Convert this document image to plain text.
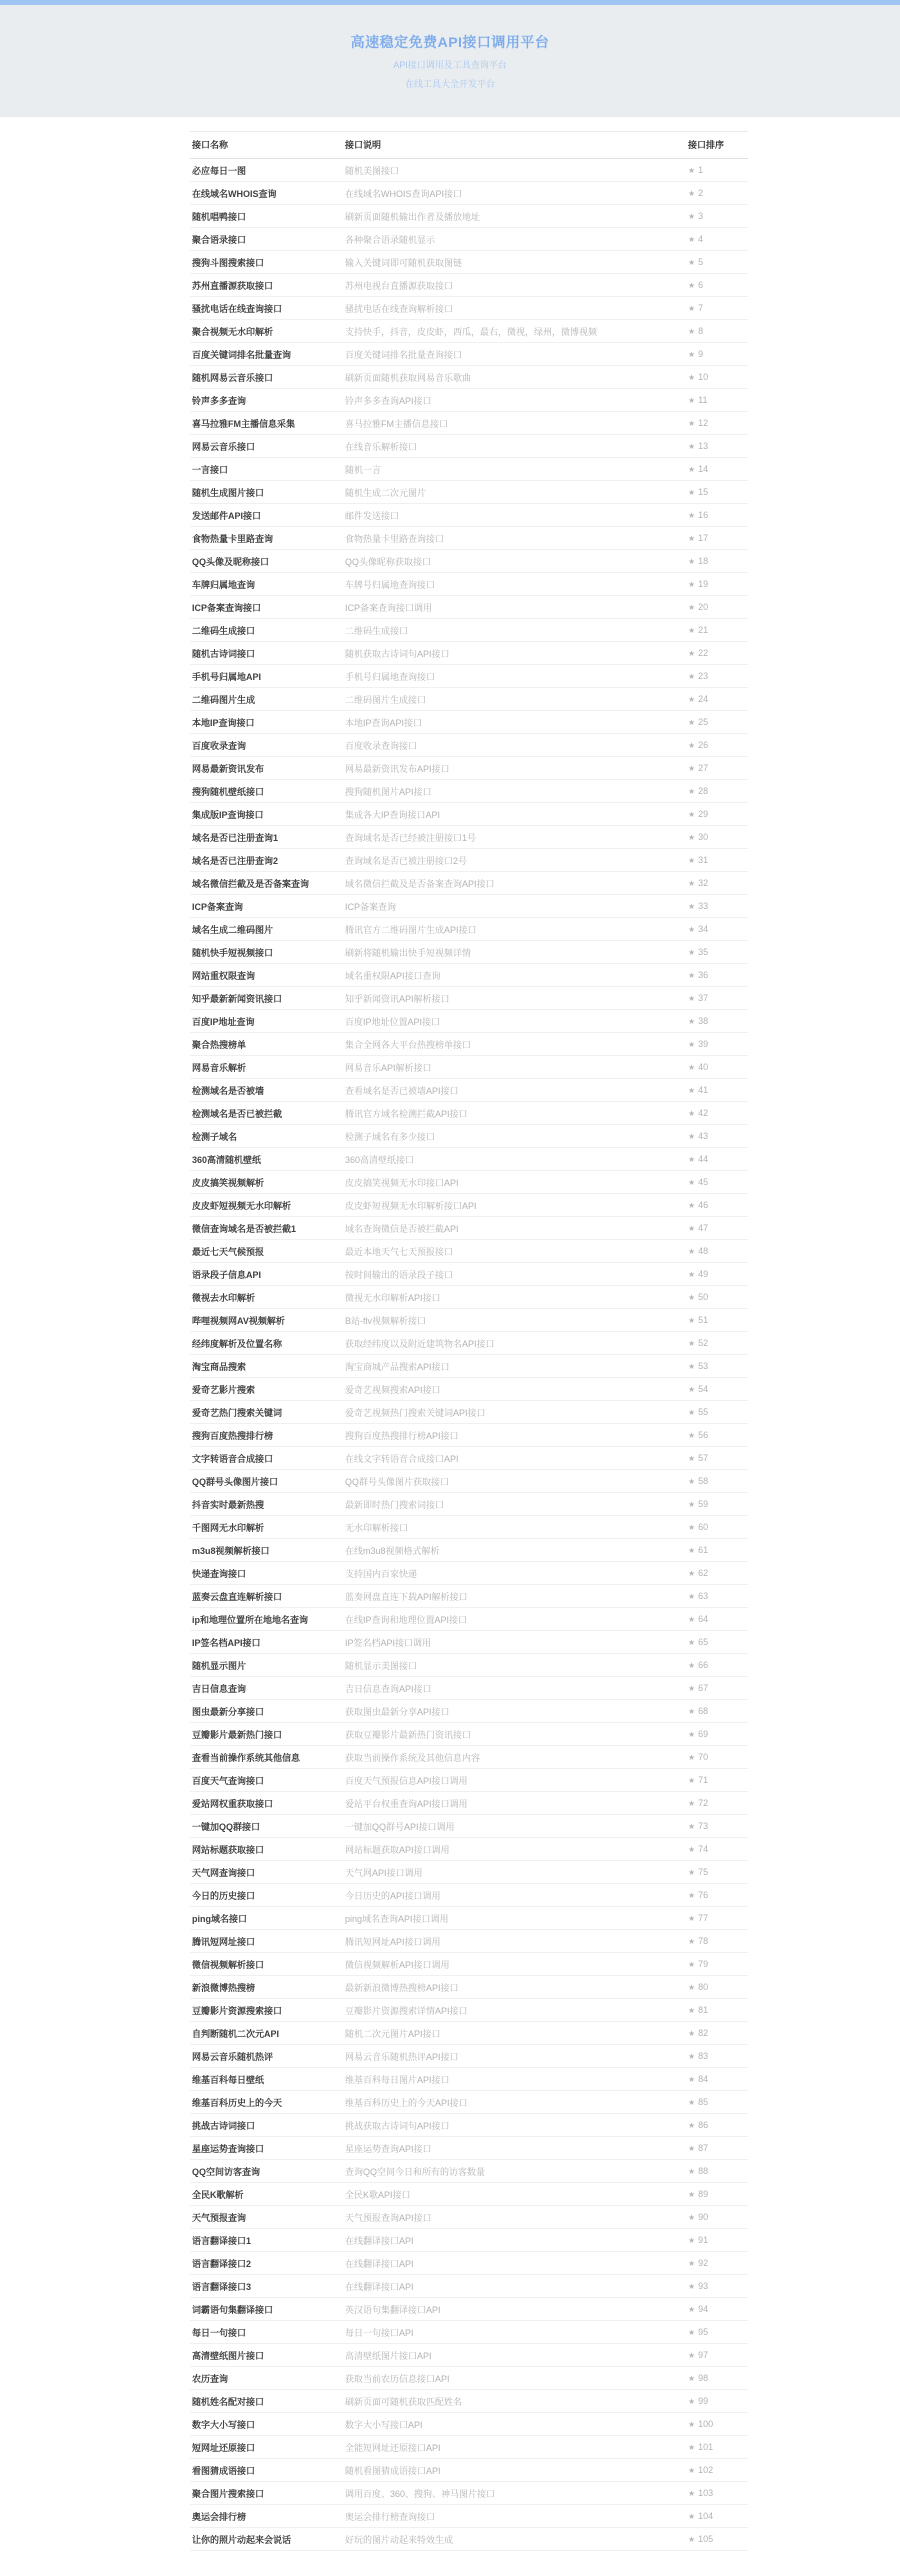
高速稳定免费API接口调用平台

API接口调用及工具查询平台

在线工具大全开发平台

接口名称	接口说明	接口排序
必应每日一图	随机美图接口	★ 1
在线域名WHOIS查询	在线域名WHOIS查询API接口	★ 2
随机唱鸭接口	刷新页面随机输出作者及播放地址	★ 3
聚合语录接口	各种聚合语录随机显示	★ 4
搜狗斗图搜索接口	输入关键词即可随机获取图链	★ 5
苏州直播源获取接口	苏州电视台直播源获取接口	★ 6
骚扰电话在线查询接口	骚扰电话在线查询解析接口	★ 7
聚合视频无水印解析	支持快手，抖音，皮皮虾，西瓜，最右，微视，绿州，微博视频	★ 8
百度关键词排名批量查询	百度关键词排名批量查询接口	★ 9
随机网易云音乐接口	刷新页面随机获取网易音乐歌曲	★ 10
铃声多多查询	铃声多多查询API接口	★ 11
喜马拉雅FM主播信息采集	喜马拉雅FM主播信息接口	★ 12
网易云音乐接口	在线音乐解析接口	★ 13
一言接口	随机一言	★ 14
随机生成图片接口	随机生成二次元图片	★ 15
发送邮件API接口	邮件发送接口	★ 16
食物热量卡里路查询	食物热量卡里路查询接口	★ 17
QQ头像及昵称接口	QQ头像昵称获取接口	★ 18
车牌归属地查询	车牌号归属地查询接口	★ 19
ICP备案查询接口	ICP备案查询接口调用	★ 20
二维码生成接口	二维码生成接口	★ 21
随机古诗词接口	随机获取古诗词句API接口	★ 22
手机号归属地API	手机号归属地查询接口	★ 23
二维码图片生成	二维码图片生成接口	★ 24
本地IP查询接口	本地IP查询API接口	★ 25
百度收录查询	百度收录查询接口	★ 26
网易最新资讯发布	网易最新资讯发布API接口	★ 27
搜狗随机壁纸接口	搜狗随机图片API接口	★ 28
集成版IP查询接口	集成各大IP查询接口API	★ 29
域名是否已注册查询1	查询域名是否已经被注册接口1号	★ 30
域名是否已注册查询2	查询域名是否已被注册接口2号	★ 31
域名微信拦截及是否备案查询	域名微信拦截及是否备案查询API接口	★ 32
ICP备案查询	ICP备案查询	★ 33
域名生成二维码图片	腾讯官方二维码图片生成API接口	★ 34
随机快手短视频接口	刷新将随机输出快手短视频详情	★ 35
网站重权限查询	域名重权限API接口查询	★ 36
知乎最新新闻资讯接口	知乎新闻资讯API解析接口	★ 37
百度IP地址查询	百度IP地址位置API接口	★ 38
聚合热搜榜单	集合全网各大平台热搜榜单接口	★ 39
网易音乐解析	网易音乐API解析接口	★ 40
检测域名是否被墙	查看域名是否已被墙API接口	★ 41
检测域名是否已被拦截	腾讯官方域名检测拦截API接口	★ 42
检测子域名	检测子域名有多少接口	★ 43
360高清随机壁纸	360高清壁纸接口	★ 44
皮皮搞笑视频解析	皮皮搞笑视频无水印接口API	★ 45
皮皮虾短视频无水印解析	皮皮虾短视频无水印解析接口API	★ 46
微信查询域名是否被拦截1	域名查询微信是否被拦截API	★ 47
最近七天气候预报	最近本地天气七天预报接口	★ 48
语录段子信息API	按时间输出的语录段子接口	★ 49
微视去水印解析	微视无水印解析API接口	★ 50
哔哩视频网AV视频解析	B站-flv视频解析接口	★ 51
经纬度解析及位置名称	获取经纬度以及附近建筑物名API接口	★ 52
淘宝商品搜索	淘宝商城产品搜索API接口	★ 53
爱奇艺影片搜索	爱奇艺视频搜索API接口	★ 54
爱奇艺热门搜索关键词	爱奇艺视频热门搜索关键词API接口	★ 55
搜狗百度热搜排行榜	搜狗百度热搜排行榜API接口	★ 56
文字转语音合成接口	在线文字转语音合成接口API	★ 57
QQ群号头像图片接口	QQ群号头像图片获取接口	★ 58
抖音实时最新热搜	最新即时热门搜索词接口	★ 59
千图网无水印解析	无水印解析接口	★ 60
m3u8视频解析接口	在线m3u8视频格式解析	★ 61
快递查询接口	支持国内百家快递	★ 62
蓝奏云盘直连解析接口	蓝奏网盘直连下载API解析接口	★ 63
ip和地理位置所在地地名查询	在线IP查询和地理位置API接口	★ 64
IP签名档API接口	IP签名档API接口调用	★ 65
随机显示图片	随机显示美图接口	★ 66
吉日信息查询	吉日信息查询API接口	★ 67
图虫最新分享接口	获取图虫最新分享API接口	★ 68
豆瓣影片最新热门接口	获取豆瓣影片最新热门资讯接口	★ 69
查看当前操作系统其他信息	获取当前操作系统及其他信息内容	★ 70
百度天气查询接口	百度天气预报信息API接口调用	★ 71
爱站网权重获取接口	爱站平台权重查询API接口调用	★ 72
一键加QQ群接口	一键加QQ群号API接口调用	★ 73
网站标题获取接口	网站标题获取API接口调用	★ 74
天气网查询接口	天气网API接口调用	★ 75
今日的历史接口	今日历史的API接口调用	★ 76
ping域名接口	ping域名查询API接口调用	★ 77
腾讯短网址接口	腾讯短网址API接口调用	★ 78
微信视频解析接口	微信视频解析API接口调用	★ 79
新浪微博热搜榜	最新新浪微博热搜榜API接口	★ 80
豆瓣影片资源搜索接口	豆瓣影片资源搜索详情API接口	★ 81
自判断随机二次元API	随机二次元图片API接口	★ 82
网易云音乐随机热评	网易云音乐随机热评API接口	★ 83
维基百科每日壁纸	维基百科每日图片API接口	★ 84
维基百科历史上的今天	维基百科历史上的今天API接口	★ 85
挑战古诗词接口	挑战获取古诗词句API接口	★ 86
星座运势查询接口	星座运势查询API接口	★ 87
QQ空间访客查询	查询QQ空间今日和所有的访客数量	★ 88
全民K歌解析	全民K歌API接口	★ 89
天气预报查询	天气预报查询API接口	★ 90
语言翻译接口1	在线翻译接口API	★ 91
语言翻译接口2	在线翻译接口API	★ 92
语言翻译接口3	在线翻译接口API	★ 93
词霸语句集翻译接口	英汉语句集翻译接口API	★ 94
每日一句接口	每日一句接口API	★ 95
高清壁纸图片接口	高清壁纸图片接口API	★ 97
农历查询	获取当前农历信息接口API	★ 98
随机姓名配对接口	刷新页面可随机获取匹配姓名	★ 99
数字大小写接口	数字大小写接口API	★ 100
短网址还原接口	全能短网址还原接口API	★ 101
看图猜成语接口	随机看图猜成语接口API	★ 102
聚合图片搜索接口	调用百度、360、搜狗、神马图片接口	★ 103
奥运会排行榜	奥运会排行榜查询接口	★ 104
让你的照片动起来会说话	好玩的图片动起来特效生成	★ 105
